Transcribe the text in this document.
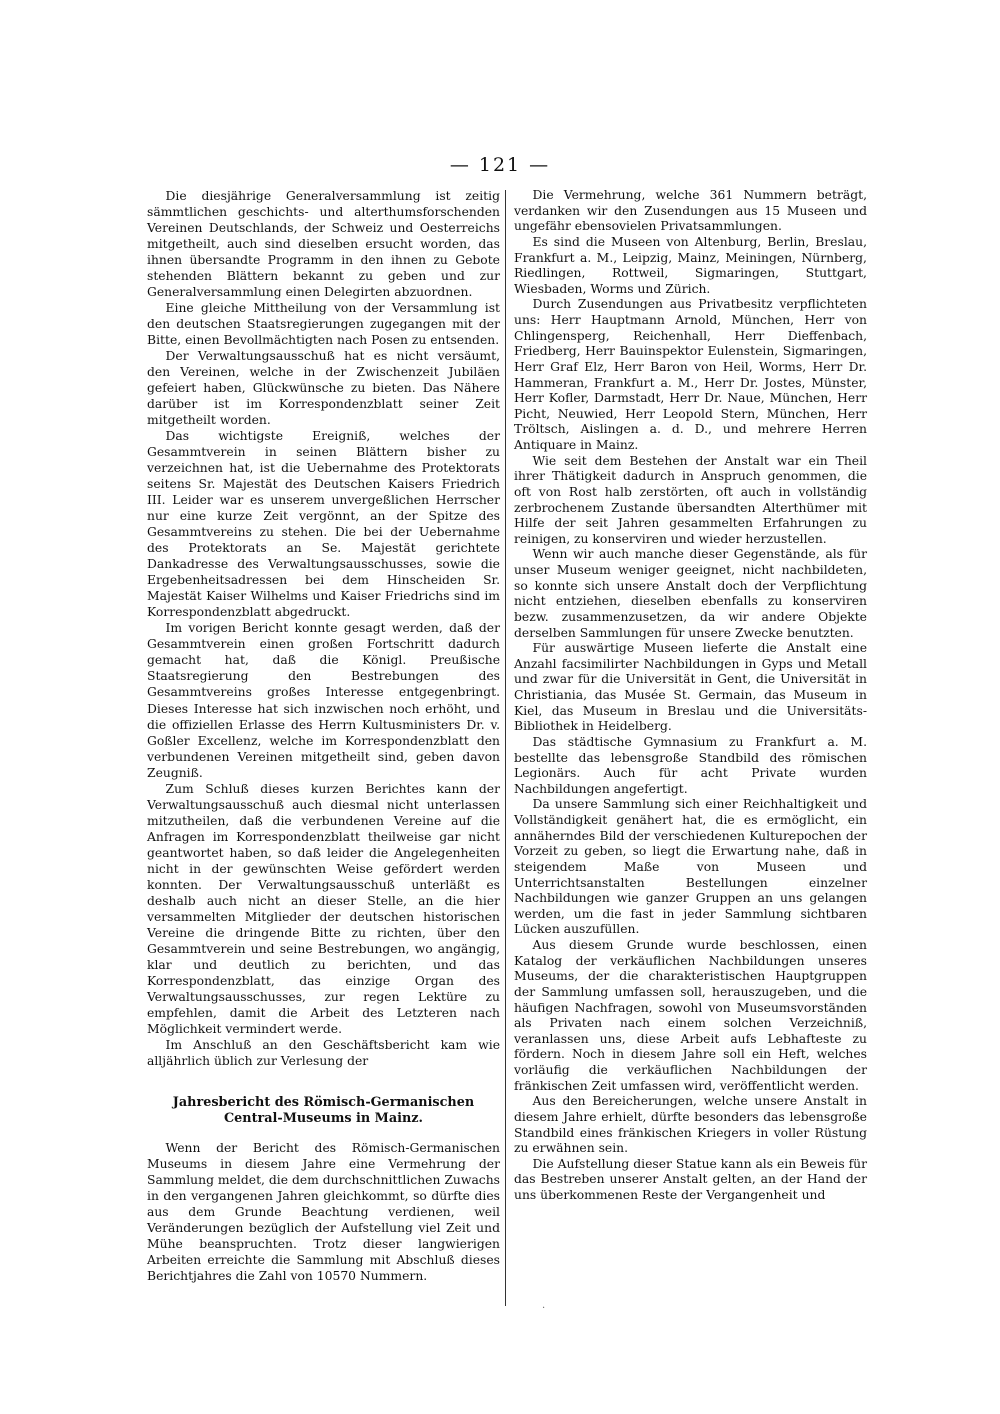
— 121 —

Die diesjährige Generalversammlung ist zeitig sämmtlichen geschichts- und alterthumsforschenden Vereinen Deutschlands, der Schweiz und Oesterreichs mitgetheilt, auch sind dieselben ersucht worden, das ihnen übersandte Programm in den ihnen zu Gebote stehenden Blättern bekannt zu geben und zur Generalversammlung einen Delegirten abzuordnen.

Eine gleiche Mittheilung von der Versammlung ist den deutschen Staatsregierungen zugegangen mit der Bitte, einen Bevollmächtigten nach Posen zu entsenden.

Der Verwaltungsausschuß hat es nicht versäumt, den Vereinen, welche in der Zwischenzeit Jubiläen gefeiert haben, Glückwünsche zu bieten. Das Nähere darüber ist im Korrespondenzblatt seiner Zeit mitgetheilt worden.

Das wichtigste Ereigniß, welches der Gesammtverein in seinen Blättern bisher zu verzeichnen hat, ist die Uebernahme des Protektorats seitens Sr. Majestät des Deutschen Kaisers Friedrich III. Leider war es unserem unvergeßlichen Herrscher nur eine kurze Zeit vergönnt, an der Spitze des Gesammtvereins zu stehen. Die bei der Uebernahme des Protektorats an Se. Majestät gerichtete Dankadresse des Verwaltungsausschusses, sowie die Ergebenheitsadressen bei dem Hinscheiden Sr. Majestät Kaiser Wilhelms und Kaiser Friedrichs sind im Korrespondenzblatt abgedruckt.

Im vorigen Bericht konnte gesagt werden, daß der Gesammtverein einen großen Fortschritt dadurch gemacht hat, daß die Königl. Preußische Staatsregierung den Bestrebungen des Gesammtvereins großes Interesse entgegenbringt. Dieses Interesse hat sich inzwischen noch erhöht, und die offiziellen Erlasse des Herrn Kultusministers Dr. v. Goßler Excellenz, welche im Korrespondenzblatt den verbundenen Vereinen mitgetheilt sind, geben davon Zeugniß.

Zum Schluß dieses kurzen Berichtes kann der Verwaltungsausschuß auch diesmal nicht unterlassen mitzutheilen, daß die verbundenen Vereine auf die Anfragen im Korrespondenzblatt theilweise gar nicht geantwortet haben, so daß leider die Angelegenheiten nicht in der gewünschten Weise gefördert werden konnten. Der Verwaltungsausschuß unterläßt es deshalb auch nicht an dieser Stelle, an die hier versammelten Mitglieder der deutschen historischen Vereine die dringende Bitte zu richten, über den Gesammtverein und seine Bestrebungen, wo angängig, klar und deutlich zu berichten, und das Korrespondenzblatt, das einzige Organ des Verwaltungsausschusses, zur regen Lektüre zu empfehlen, damit die Arbeit des Letzteren nach Möglichkeit vermindert werde.

Im Anschluß an den Geschäftsbericht kam wie alljährlich üblich zur Verlesung der

Jahresbericht des Römisch-Germanischen Central-Museums in Mainz.

Wenn der Bericht des Römisch-Germanischen Museums in diesem Jahre eine Vermehrung der Sammlung meldet, die dem durchschnittlichen Zuwachs in den vergangenen Jahren gleichkommt, so dürfte dies aus dem Grunde Beachtung verdienen, weil Veränderungen bezüglich der Aufstellung viel Zeit und Mühe beanspruchten. Trotz dieser langwierigen Arbeiten erreichte die Sammlung mit Abschluß dieses Berichtjahres die Zahl von 10570 Nummern.

Die Vermehrung, welche 361 Nummern beträgt, verdanken wir den Zusendungen aus 15 Museen und ungefähr ebensovielen Privatsammlungen.

Es sind die Museen von Altenburg, Berlin, Breslau, Frankfurt a. M., Leipzig, Mainz, Meiningen, Nürnberg, Riedlingen, Rottweil, Sigmaringen, Stuttgart, Wiesbaden, Worms und Zürich.

Durch Zusendungen aus Privatbesitz verpflichteten uns: Herr Hauptmann Arnold, München, Herr von Chlingensperg, Reichenhall, Herr Dieffenbach, Friedberg, Herr Bauinspektor Eulenstein, Sigmaringen, Herr Graf Elz, Herr Baron von Heil, Worms, Herr Dr. Hammeran, Frankfurt a. M., Herr Dr. Jostes, Münster, Herr Kofler, Darmstadt, Herr Dr. Naue, München, Herr Picht, Neuwied, Herr Leopold Stern, München, Herr Tröltsch, Aislingen a. d. D., und mehrere Herren Antiquare in Mainz.

Wie seit dem Bestehen der Anstalt war ein Theil ihrer Thätigkeit dadurch in Anspruch genommen, die oft von Rost halb zerstörten, oft auch in vollständig zerbrochenem Zustande übersandten Alterthümer mit Hilfe der seit Jahren gesammelten Erfahrungen zu reinigen, zu konserviren und wieder herzustellen.

Wenn wir auch manche dieser Gegenstände, als für unser Museum weniger geeignet, nicht nachbildeten, so konnte sich unsere Anstalt doch der Verpflichtung nicht entziehen, dieselben ebenfalls zu konserviren bezw. zusammenzusetzen, da wir andere Objekte derselben Sammlungen für unsere Zwecke benutzten.

Für auswärtige Museen lieferte die Anstalt eine Anzahl facsimilirter Nachbildungen in Gyps und Metall und zwar für die Universität in Gent, die Universität in Christiania, das Musée St. Germain, das Museum in Kiel, das Museum in Breslau und die Universitäts-Bibliothek in Heidelberg.

Das städtische Gymnasium zu Frankfurt a. M. bestellte das lebensgroße Standbild des römischen Legionärs. Auch für acht Private wurden Nachbildungen angefertigt.

Da unsere Sammlung sich einer Reichhaltigkeit und Vollständigkeit genähert hat, die es ermöglicht, ein annäherndes Bild der verschiedenen Kulturepochen der Vorzeit zu geben, so liegt die Erwartung nahe, daß in steigendem Maße von Museen und Unterrichtsanstalten Bestellungen einzelner Nachbildungen wie ganzer Gruppen an uns gelangen werden, um die fast in jeder Sammlung sichtbaren Lücken auszufüllen.

Aus diesem Grunde wurde beschlossen, einen Katalog der verkäuflichen Nachbildungen unseres Museums, der die charakteristischen Hauptgruppen der Sammlung umfassen soll, herauszugeben, und die häufigen Nachfragen, sowohl von Museumsvorständen als Privaten nach einem solchen Verzeichniß, veranlassen uns, diese Arbeit aufs Lebhafteste zu fördern. Noch in diesem Jahre soll ein Heft, welches vorläufig die verkäuflichen Nachbildungen der fränkischen Zeit umfassen wird, veröffentlicht werden.

Aus den Bereicherungen, welche unsere Anstalt in diesem Jahre erhielt, dürfte besonders das lebensgroße Standbild eines fränkischen Kriegers in voller Rüstung zu erwähnen sein.

Die Aufstellung dieser Statue kann als ein Beweis für das Bestreben unserer Anstalt gelten, an der Hand der uns überkommenen Reste der Vergangenheit und

.
